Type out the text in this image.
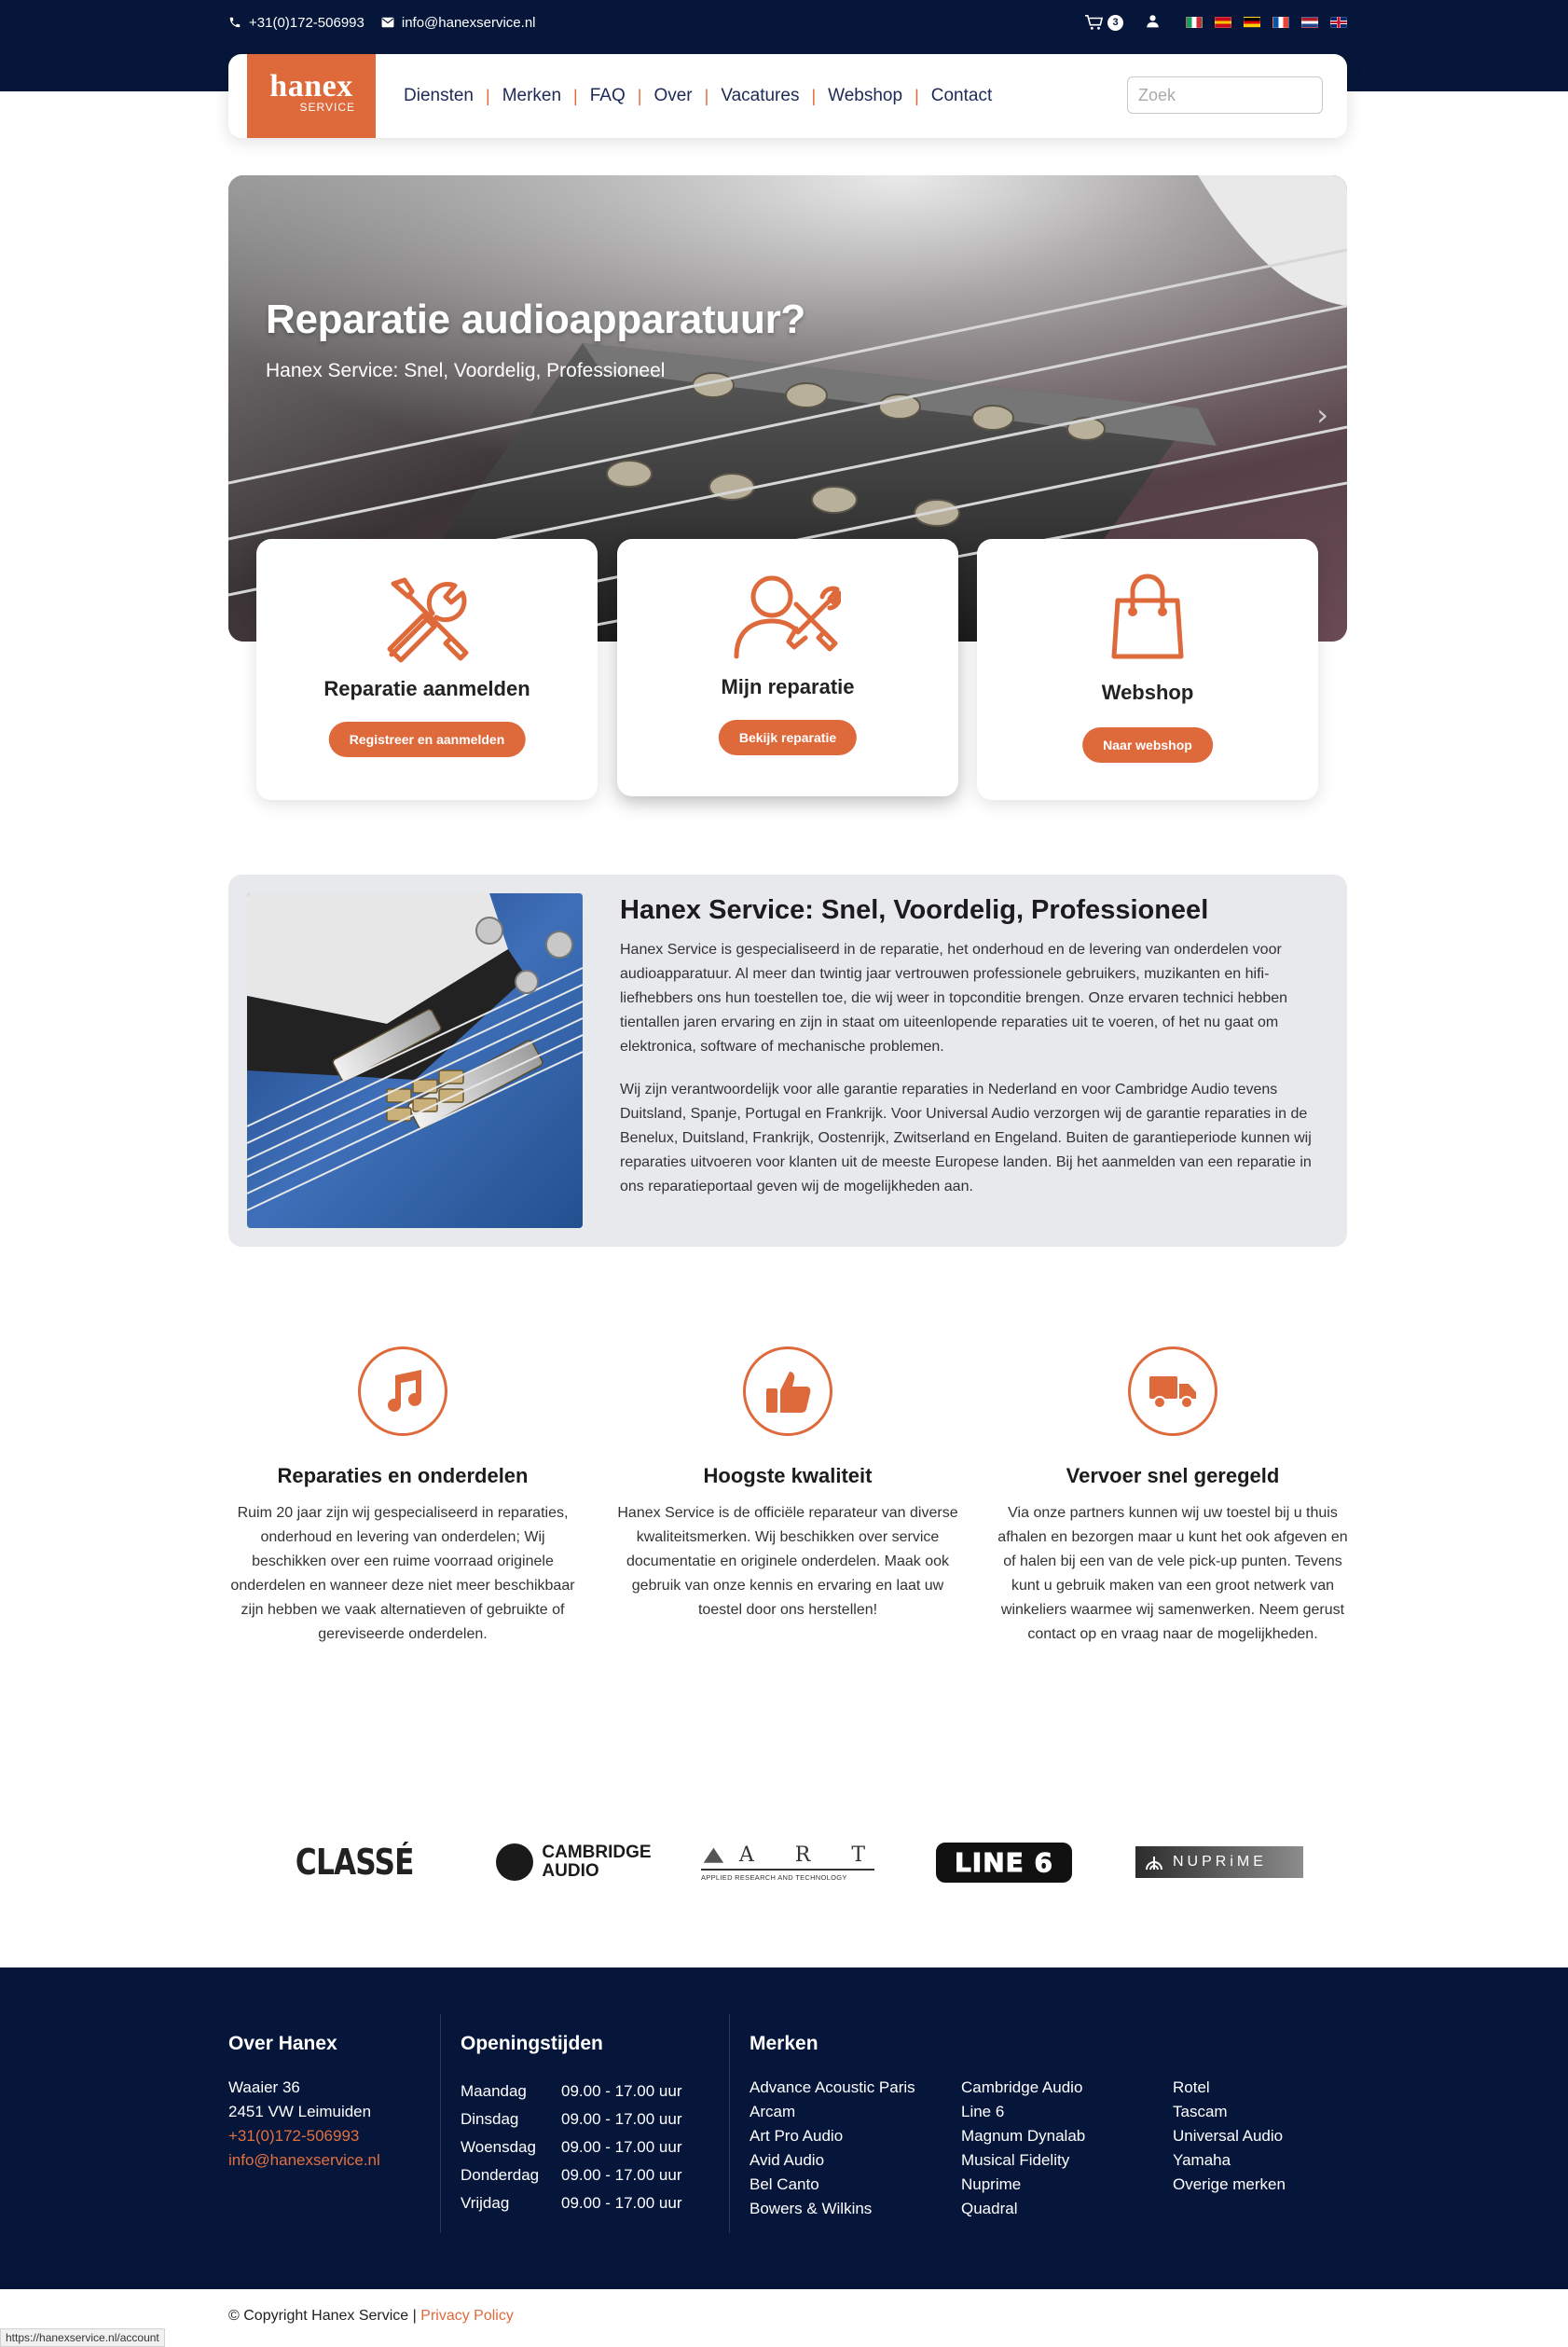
+31(0)172-506993	info@hanexservice.nl	3
hanex
SERVICE
Diensten | Merken | FAQ | Over | Vacatures | Webshop | Contact
Zoek
Reparatie audioapparatuur?
Hanex Service: Snel, Voordelig, Professioneel
›
Reparatie aanmelden
Registreer en aanmelden
Mijn reparatie
Bekijk reparatie
Webshop
Naar webshop
Hanex Service: Snel, Voordelig, Professioneel

Hanex Service is gespecialiseerd in de reparatie, het onderhoud en de levering van onderdelen voor audioapparatuur. Al meer dan twintig jaar vertrouwen professionele gebruikers, muzikanten en hifi-liefhebbers ons hun toestellen toe, die wij weer in topconditie brengen. Onze ervaren technici hebben tientallen jaren ervaring en zijn in staat om uiteenlopende reparaties uit te voeren, of het nu gaat om elektronica, software of mechanische problemen.

Wij zijn verantwoordelijk voor alle garantie reparaties in Nederland en voor Cambridge Audio tevens Duitsland, Spanje, Portugal en Frankrijk. Voor Universal Audio verzorgen wij de garantie reparaties in de Benelux, Duitsland, Frankrijk, Oostenrijk, Zwitserland en Engeland. Buiten de garantieperiode kunnen wij reparaties uitvoeren voor klanten uit de meeste Europese landen. Bij het aanmelden van een reparatie in ons reparatieportaal geven wij de mogelijkheden aan.

Reparaties en onderdelen
Ruim 20 jaar zijn wij gespecialiseerd in reparaties, onderhoud en levering van onderdelen; Wij beschikken over een ruime voorraad originele onderdelen en wanneer deze niet meer beschikbaar zijn hebben we vaak alternatieven of gebruikte of gereviseerde onderdelen.
Hoogste kwaliteit
Hanex Service is de officiële reparateur van diverse kwaliteitsmerken. Wij beschikken over service documentatie en originele onderdelen. Maak ook gebruik van onze kennis en ervaring en laat uw toestel door ons herstellen!
Vervoer snel geregeld
Via onze partners kunnen wij uw toestel bij u thuis afhalen en bezorgen maar u kunt het ook afgeven en of halen bij een van de vele pick-up punten. Tevens kunt u gebruik maken van een groot netwerk van winkeliers waarmee wij samenwerken. Neem gerust contact op en vraag naar de mogelijkheden.
CLASSÉ	CAMBRIDGE
AUDIO
A  R  T
APPLIED RESEARCH AND TECHNOLOGY	LINE 6	NUPRiME
Over Hanex
Waaier 36
2451 VW Leimuiden
+31(0)172-506993
info@hanexservice.nl
Openingstijden
Maandag	09.00 - 17.00 uur
Dinsdag	09.00 - 17.00 uur
Woensdag	09.00 - 17.00 uur
Donderdag	09.00 - 17.00 uur
Vrijdag	09.00 - 17.00 uur
Merken
Advance Acoustic Paris
Arcam
Art Pro Audio
Avid Audio
Bel Canto
Bowers & Wilkins
Cambridge Audio
Line 6
Magnum Dynalab
Musical Fidelity
Nuprime
Quadral
Rotel
Tascam
Universal Audio
Yamaha
Overige merken
© Copyright Hanex Service | Privacy Policy
https://hanexservice.nl/account
